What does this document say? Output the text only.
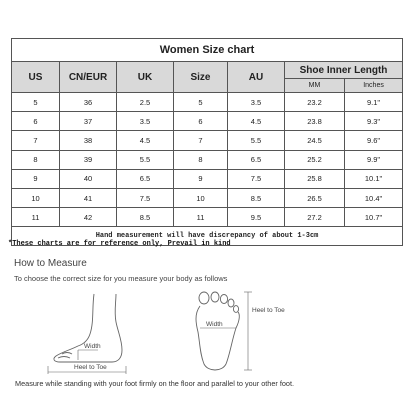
Women Size chart						
US	CN/EUR	UK	Size	AU	Shoe Inner Length	
					MM	Inches
5	36	2.5	5	3.5	23.2	9.1"
6	37	3.5	6	4.5	23.8	9.3"
7	38	4.5	7	5.5	24.5	9.6"
8	39	5.5	8	6.5	25.2	9.9"
9	40	6.5	9	7.5	25.8	10.1"
10	41	7.5	10	8.5	26.5	10.4"
11	42	8.5	11	9.5	27.2	10.7"
Hand measurement will have discrepancy of about 1-3cm						
*These charts are for reference only, Prevail in kind
How to Measure
To choose the correct size for you measure your body as follows
Width
Heel to Toe
Width
Heel to Toe
Measure while standing with your foot firmly on the floor and parallel to your other foot.
